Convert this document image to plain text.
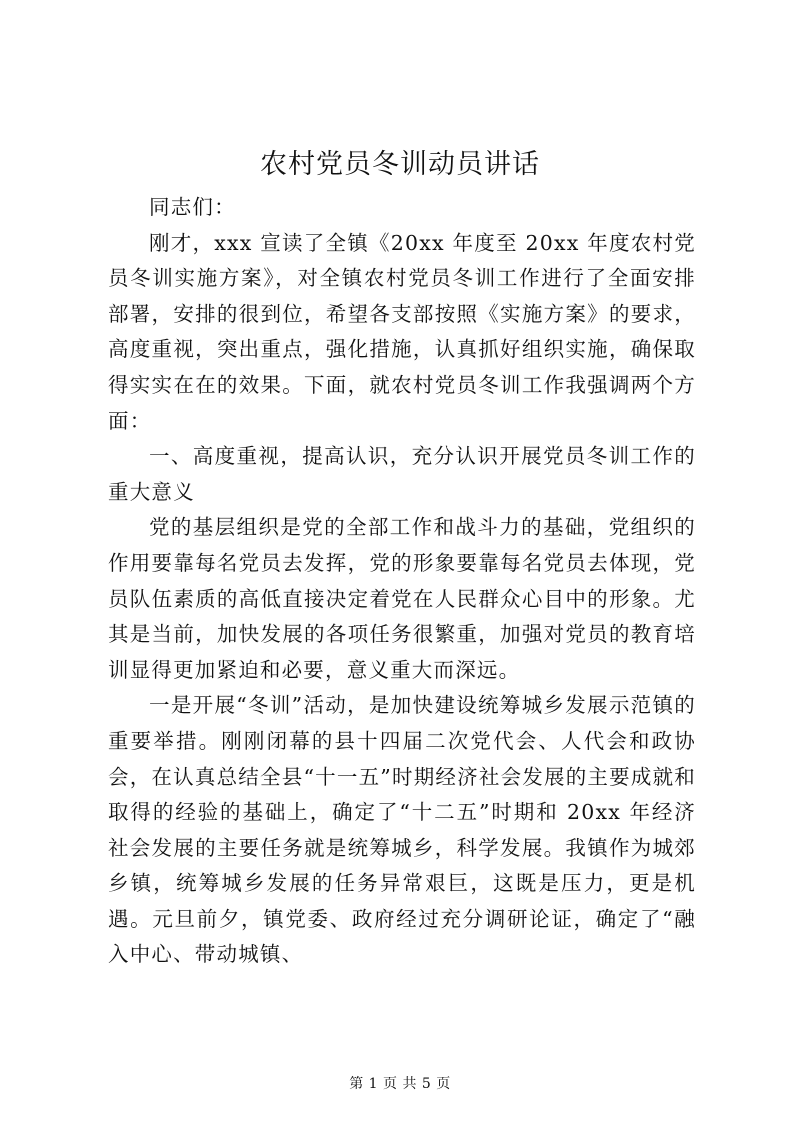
农村党员冬训动员讲话

同志们：

刚才，xxx 宣读了全镇《20xx 年度至 20xx 年度农村党员冬训实施方案》，对全镇农村党员冬训工作进行了全面安排部署，安排的很到位，希望各支部按照《实施方案》的要求，高度重视，突出重点，强化措施，认真抓好组织实施，确保取得实实在在的效果。下面，就农村党员冬训工作我强调两个方面：

一、高度重视，提高认识，充分认识开展党员冬训工作的重大意义

党的基层组织是党的全部工作和战斗力的基础，党组织的作用要靠每名党员去发挥，党的形象要靠每名党员去体现，党员队伍素质的高低直接决定着党在人民群众心目中的形象。尤其是当前，加快发展的各项任务很繁重，加强对党员的教育培训显得更加紧迫和必要，意义重大而深远。

一是开展“冬训”活动，是加快建设统筹城乡发展示范镇的重要举措。刚刚闭幕的县十四届二次党代会、人代会和政协会，在认真总结全县“十一五”时期经济社会发展的主要成就和取得的经验的基础上，确定了“十二五”时期和 20xx 年经济社会发展的主要任务就是统筹城乡，科学发展。我镇作为城郊乡镇，统筹城乡发展的任务异常艰巨，这既是压力，更是机遇。元旦前夕，镇党委、政府经过充分调研论证，确定了“融入中心、带动城镇、

第 1 页 共 5 页
